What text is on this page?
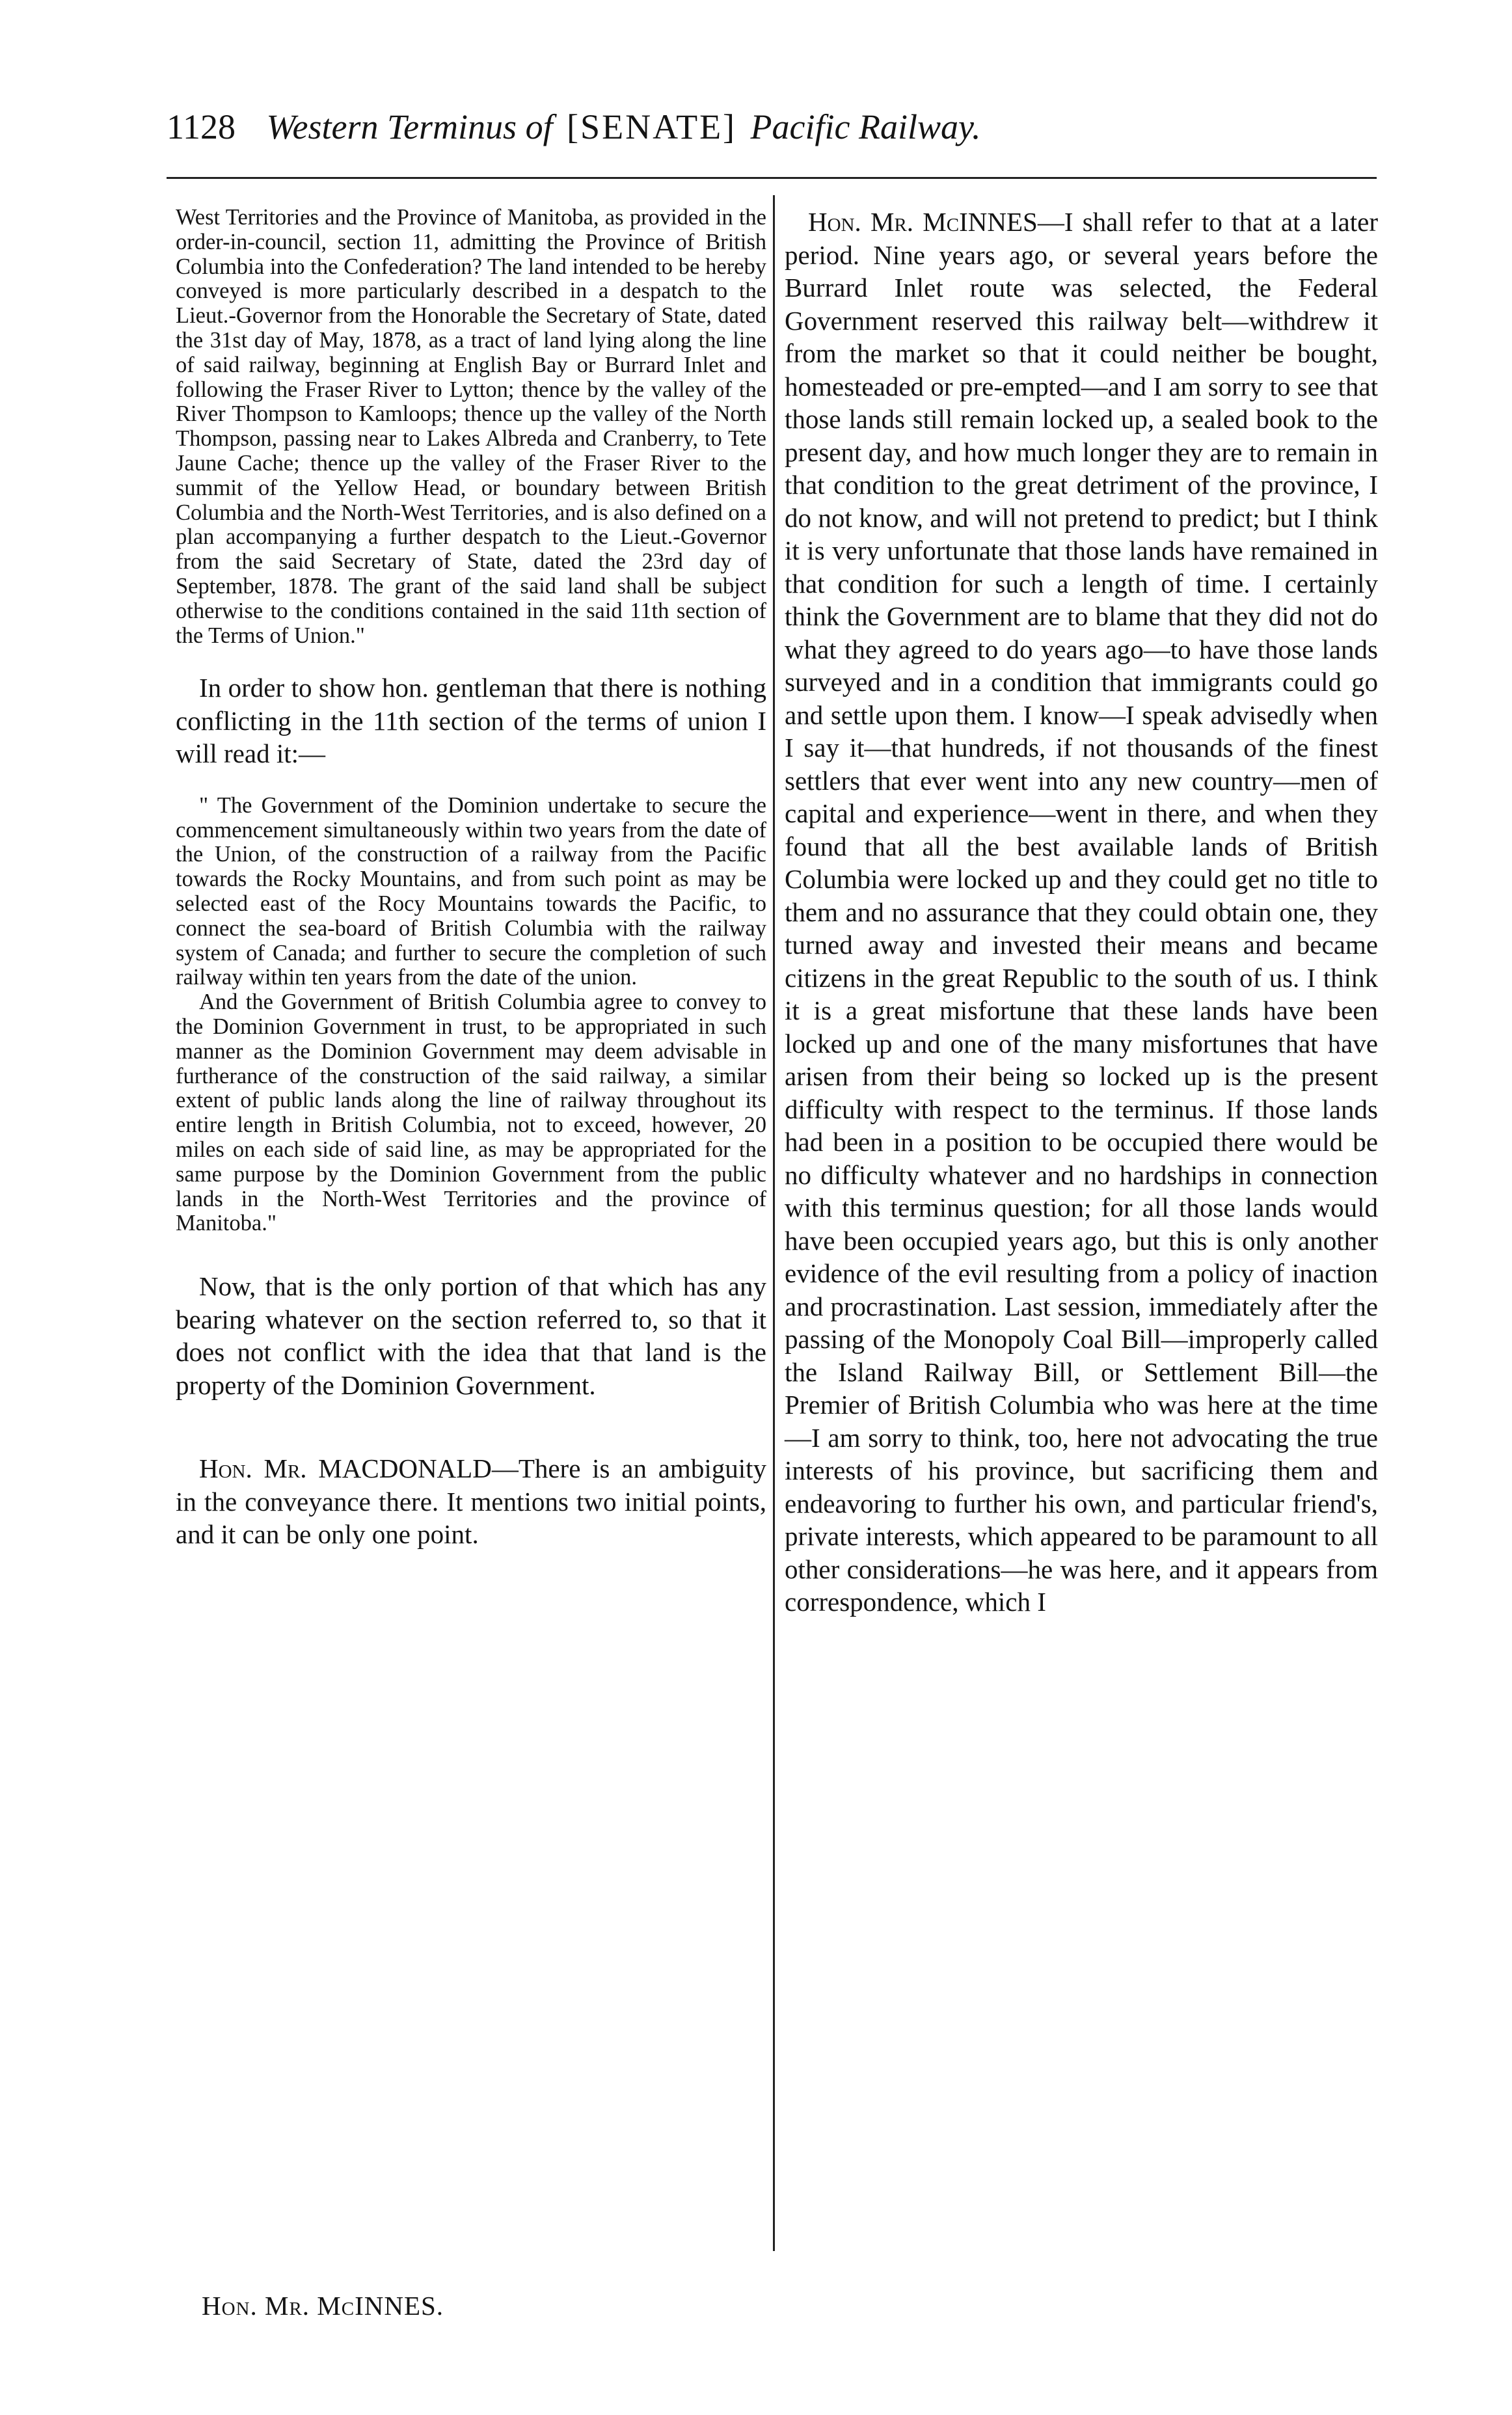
1128 Western Terminus of [SENATE] Pacific Railway.

West Territories and the Province of Manitoba, as provided in the order-in-council, section 11, admitting the Province of British Columbia into the Confederation? The land intended to be hereby conveyed is more particularly described in a despatch to the Lieut.-Governor from the Honorable the Secretary of State, dated the 31st day of May, 1878, as a tract of land lying along the line of said railway, beginning at English Bay or Burrard Inlet and following the Fraser River to Lytton; thence by the valley of the River Thompson to Kamloops; thence up the valley of the North Thompson, passing near to Lakes Albreda and Cranberry, to Tete Jaune Cache; thence up the valley of the Fraser River to the summit of the Yellow Head, or boundary between British Columbia and the North-West Territories, and is also defined on a plan accompanying a further despatch to the Lieut.-Governor from the said Secretary of State, dated the 23rd day of September, 1878. The grant of the said land shall be subject otherwise to the conditions contained in the said 11th section of the Terms of Union."

In order to show hon. gentleman that there is nothing conflicting in the 11th section of the terms of union I will read it:—

" The Government of the Dominion undertake to secure the commencement simultaneously within two years from the date of the Union, of the construction of a railway from the Pacific towards the Rocky Mountains, and from such point as may be selected east of the Rocy Mountains towards the Pacific, to connect the sea-board of British Columbia with the railway system of Canada; and further to secure the completion of such railway within ten years from the date of the union.

And the Government of British Columbia agree to convey to the Dominion Government in trust, to be appropriated in such manner as the Dominion Government may deem advisable in furtherance of the construction of the said railway, a similar extent of public lands along the line of railway throughout its entire length in British Columbia, not to exceed, however, 20 miles on each side of said line, as may be appropriated for the same purpose by the Dominion Government from the public lands in the North-West Territories and the province of Manitoba."

Now, that is the only portion of that which has any bearing whatever on the section referred to, so that it does not conflict with the idea that that land is the property of the Dominion Government.

Hon. Mr. MACDONALD—There is an ambiguity in the conveyance there. It mentions two initial points, and it can be only one point.

Hon. Mr. McINNES—I shall refer to that at a later period. Nine years ago, or several years before the Burrard Inlet route was selected, the Federal Government reserved this railway belt—withdrew it from the market so that it could neither be bought, homesteaded or pre-empted—and I am sorry to see that those lands still remain locked up, a sealed book to the present day, and how much longer they are to remain in that condition to the great detriment of the province, I do not know, and will not pretend to predict; but I think it is very unfortunate that those lands have remained in that condition for such a length of time. I certainly think the Government are to blame that they did not do what they agreed to do years ago—to have those lands surveyed and in a condition that immigrants could go and settle upon them. I know—I speak advisedly when I say it—that hundreds, if not thousands of the finest settlers that ever went into any new country—men of capital and experience—went in there, and when they found that all the best available lands of British Columbia were locked up and they could get no title to them and no assurance that they could obtain one, they turned away and invested their means and became citizens in the great Republic to the south of us. I think it is a great misfortune that these lands have been locked up and one of the many misfortunes that have arisen from their being so locked up is the present difficulty with respect to the terminus. If those lands had been in a position to be occupied there would be no difficulty whatever and no hardships in connection with this terminus question; for all those lands would have been occupied years ago, but this is only another evidence of the evil resulting from a policy of inaction and procrastination. Last session, immediately after the passing of the Monopoly Coal Bill—improperly called the Island Railway Bill, or Settlement Bill—the Premier of British Columbia who was here at the time—I am sorry to think, too, here not advocating the true interests of his province, but sacrificing them and endeavoring to further his own, and particular friend's, private interests, which appeared to be paramount to all other considerations—he was here, and it appears from correspondence, which I

Hon. Mr. McINNES.
